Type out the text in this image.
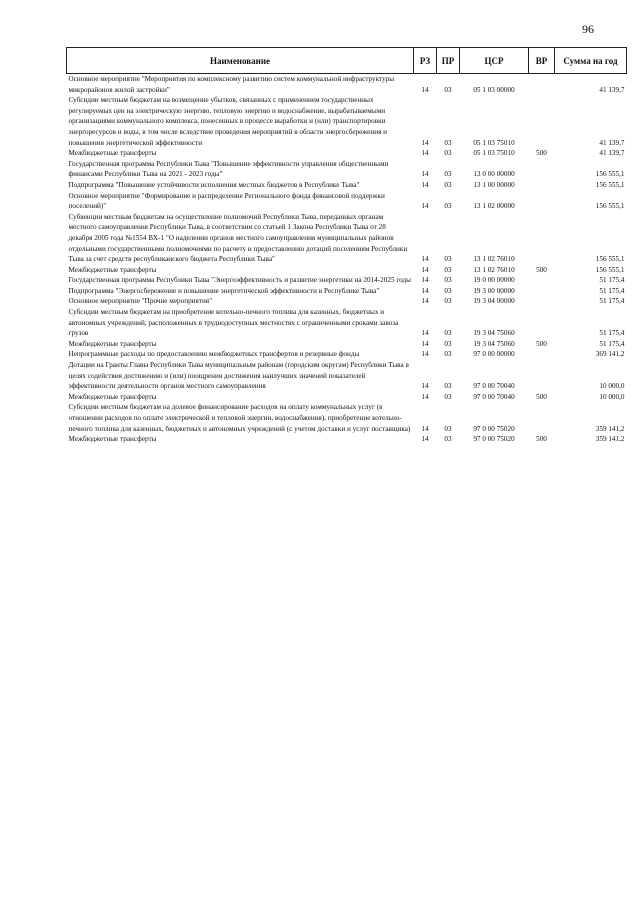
96
Наименование	РЗ	ПР	ЦСР	ВР	Сумма на год
Основное мероприятие "Мероприятия по комплексному развитию систем коммунальной инфраструктуры микрорайонов жилой застройки"	14	03	05 1 03 00000		41 139,7
Субсидии местным бюджетам на возмещение убытков, связанных с применением государственных регулируемых цен на электрическую энергию, тепловую энергию и водоснабжение, вырабатываемыми организациями коммунального комплекса, понесенных в процессе выработки и (или) транспортировки энергоресурсов и воды, в том числе вследствие проведения мероприятий в области энергосбережения и повышения энергетической эффективности	14	03	05 1 03 75010		41 139,7
Межбюджетные трансферты	14	03	05 1 03 75010	500	41 139,7
Государственная программа Республики Тыва "Повышение эффективности управления общественными финансами Республики Тыва на 2021 - 2023 годы"	14	03	13 0 00 00000		156 555,1
Подпрограмма "Повышение устойчивости исполнения местных бюджетов в Республике Тыва"	14	03	13 1 00 00000		156 555,1
Основное мероприятие "Формирование и распределение Регионального фонда финансовой поддержки поселений)"	14	03	13 1 02 00000		156 555,1
Субвенции местным бюджетам на осуществление полномочий Республики Тыва, переданных органам местного самоуправления Республики Тыва, в соответствии со статьей 1 Закона Республики Тыва от 28 декабря 2005 года №1554 ВХ-1 "О наделении органов местного самоуправления муниципальных районов отдельными государственными полномочиями по расчету и предоставлению дотаций поселениям Республики Тыва за счет средств республиканского бюджета Республики Тыва"	14	03	13 1 02 76010		156 555,1
Межбюджетные трансферты	14	03	13 1 02 76010	500	156 555,1
Государственная программа Республики Тыва "Энергоэффективность и развитие энергетики на 2014-2025 годы	14	03	19 0 00 00000		51 175,4
Подпрограмма "Энергосбережение и повышение энергетической эффективности в Республике Тыва"	14	03	19 3 00 00000		51 175,4
Основное мероприятие "Прочие мероприятия"	14	03	19 3 04 00000		51 175,4
Субсидии местным бюджетам на приобретение котельно-печного топлива для казенных, бюджетных и автономных учреждений, расположенных в труднодоступных местностях с ограниченными сроками завоза грузов	14	03	19 3 04 75060		51 175,4
Межбюджетные трансферты	14	03	19 3 04 75060	500	51 175,4
Непрограммные расходы по предоставлению межбюджетных трансфертов и резервные фонды	14	03	97 0 00 00000		369 141,2
Дотации на Гранты Главы Республики Тыва муниципальным районам (городским округам) Республики Тыва в целях содействия достижению и (или) поощрения достижения наилучших значений показателей эффективности деятельности органов местного самоуправления	14	03	97 0 00 70040		10 000,0
Межбюджетные трансферты	14	03	97 0 00 70040	500	10 000,0
Субсидии местным бюджетам на долевое финансирование расходов на оплату коммунальных услуг (в отношении расходов по оплате электрической и тепловой энергии, водоснабжения), приобретение котельно-печного топлива для казенных, бюджетных и автономных учреждений (с учетом доставки и услуг поставщика)	14	03	97 0 00 75020		359 141,2
Межбюджетные трансферты	14	03	97 0 00 75020	500	359 141,2
